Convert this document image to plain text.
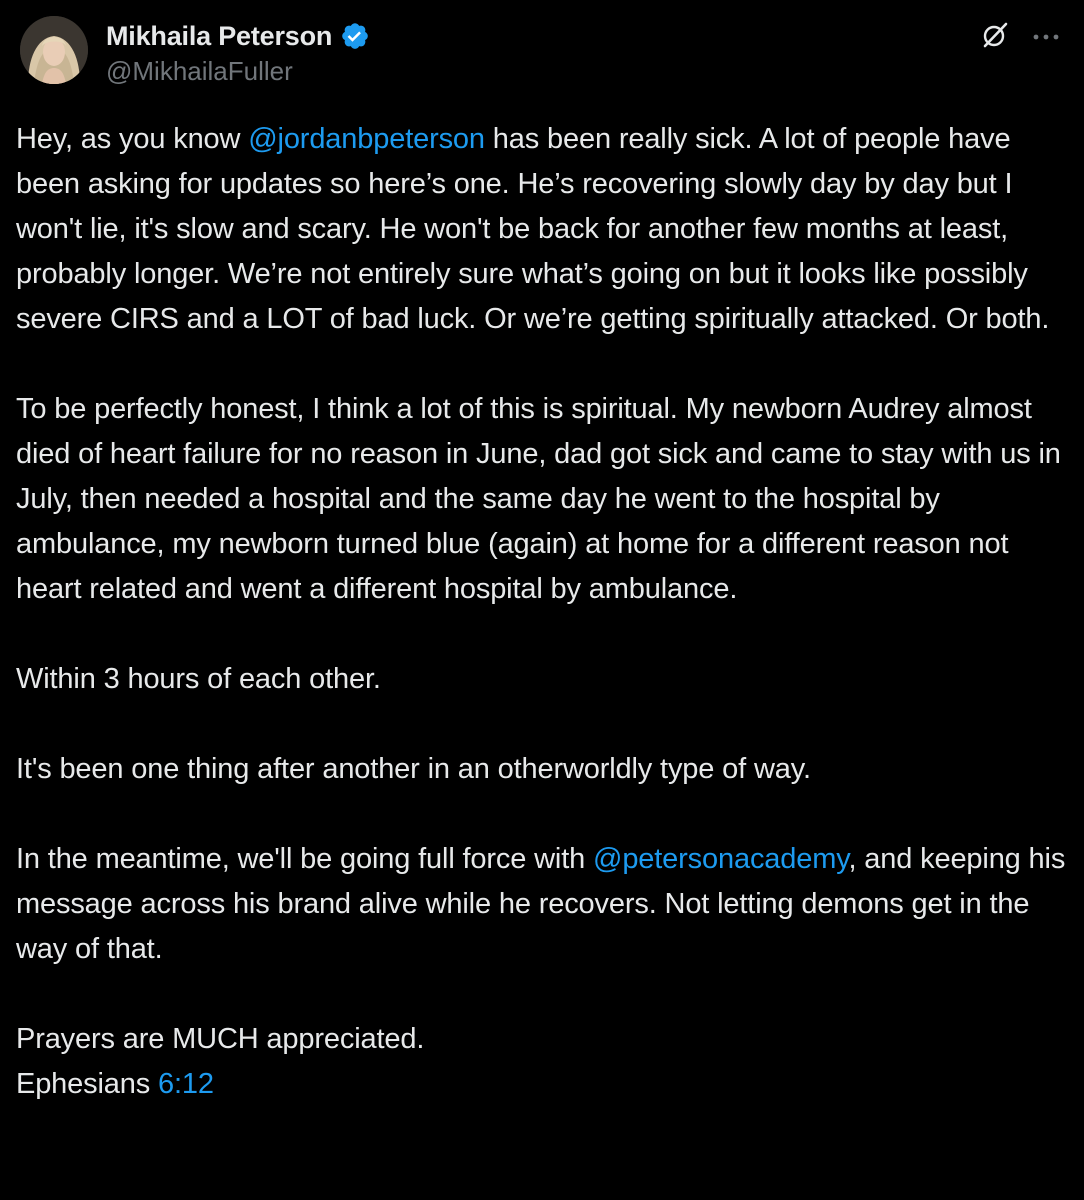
Mikhaila Peterson
@MikhailaFuller

Hey, as you know @jordanbpeterson has been really sick. A lot of people have been asking for updates so here’s one. He’s recovering slowly day by day but I won't lie, it's slow and scary. He won't be back for another few months at least, probably longer. We’re not entirely sure what’s going on but it looks like possibly severe CIRS and a LOT of bad luck. Or we’re getting spiritually attacked. Or both.

To be perfectly honest, I think a lot of this is spiritual. My newborn Audrey almost died of heart failure for no reason in June, dad got sick and came to stay with us in July, then needed a hospital and the same day he went to the hospital by ambulance, my newborn turned blue (again) at home for a different reason not heart related and went a different hospital by ambulance.

Within 3 hours of each other.

It's been one thing after another in an otherworldly type of way.

In the meantime, we'll be going full force with @petersonacademy, and keeping his message across his brand alive while he recovers. Not letting demons get in the way of that.

Prayers are MUCH appreciated.
Ephesians 6:12
